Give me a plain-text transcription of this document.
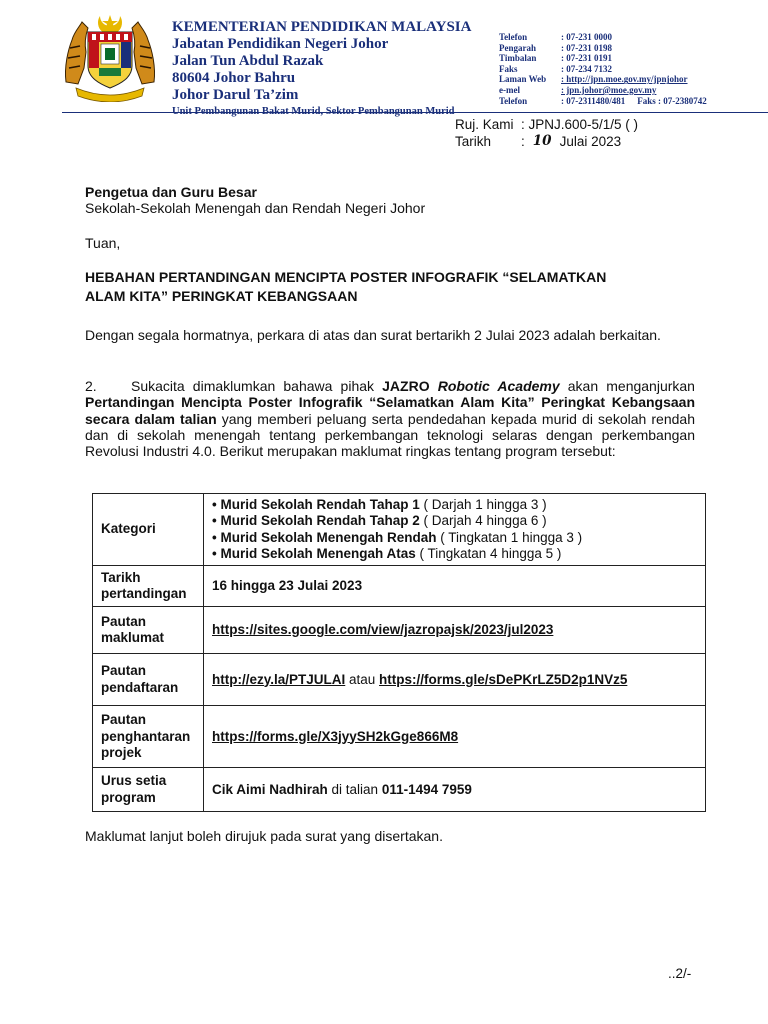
KEMENTERIAN PENDIDIKAN MALAYSIA
Jabatan Pendidikan Negeri Johor
Jalan Tun Abdul Razak
80604 Johor Bahru
Johor Darul Ta’zim
Unit Pembangunan Bakat Murid, Sektor Pembangunan Murid
Telefon	: 07-231 0000
Pengarah	: 07-231 0198
Timbalan	: 07-231 0191
Faks	: 07-234 7132
Laman Web	: http://jpn.moe.gov.my/jpnjohor
e-mel	: jpn.johor@moe.gov.my
Telefon	: 07-2311480/481 Faks : 07-2380742
Ruj. Kami : JPNJ.600-5/1/5 ( )
Tarikh	: 10 Julai 2023
Pengetua dan Guru Besar
Sekolah-Sekolah Menengah dan Rendah Negeri Johor
Tuan,
HEBAHAN PERTANDINGAN MENCIPTA POSTER INFOGRAFIK “SELAMATKAN
ALAM KITA” PERINGKAT KEBANGSAAN
Dengan segala hormatnya, perkara di atas dan surat bertarikh 2 Julai 2023 adalah berkaitan.
2. Sukacita dimaklumkan bahawa pihak JAZRO Robotic Academy akan menganjurkan Pertandingan Mencipta Poster Infografik “Selamatkan Alam Kita” Peringkat Kebangsaan secara dalam talian yang memberi peluang serta pendedahan kepada murid di sekolah rendah dan di sekolah menengah tentang perkembangan teknologi selaras dengan perkembangan Revolusi Industri 4.0. Berikut merupakan maklumat ringkas tentang program tersebut:
Kategori	• Murid Sekolah Rendah Tahap 1 ( Darjah 1 hingga 3 )
• Murid Sekolah Rendah Tahap 2 ( Darjah 4 hingga 6 )
• Murid Sekolah Menengah Rendah ( Tingkatan 1 hingga 3 )
• Murid Sekolah Menengah Atas ( Tingkatan 4 hingga 5 )

Tarikh
pertandingan	16 hingga 23 Julai 2023

Pautan
maklumat	https://sites.google.com/view/jazropajsk/2023/jul2023

Pautan
pendaftaran	http://ezy.la/PTJULAI atau https://forms.gle/sDePKrLZ5D2p1NVz5

Pautan
penghantaran
projek	https://forms.gle/X3jyySH2kGge866M8

Urus setia
program	Cik Aimi Nadhirah di talian 011-1494 7959
Maklumat lanjut boleh dirujuk pada surat yang disertakan.
..2/-
